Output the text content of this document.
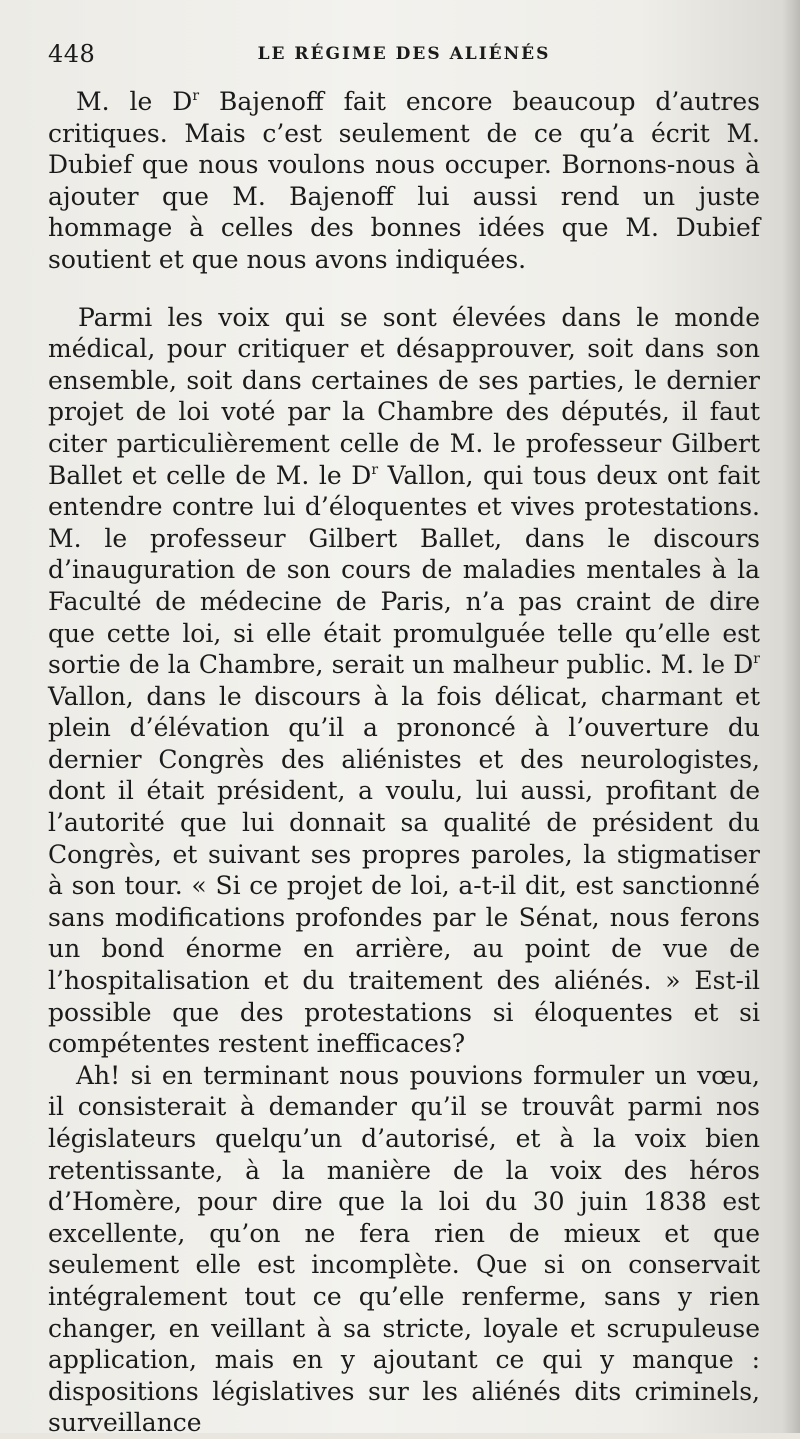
448	LE RÉGIME DES ALIÉNÉS

M. le $D^r$ Bajenoff fait encore beaucoup d’autres critiques. Mais c’est seulement de ce qu’a écrit M. Dubief que nous voulons nous occuper. Bornons-nous à ajouter que M. Bajenoff lui aussi rend un juste hommage à celles des bonnes idées que M. Dubief soutient et que nous avons indiquées.

Parmi les voix qui se sont élevées dans le monde médical, pour critiquer et désapprouver, soit dans son ensemble, soit dans certaines de ses parties, le dernier projet de loi voté par la Chambre des députés, il faut citer particulièrement celle de M. le professeur Gilbert Ballet et celle de M. le $D^r$ Vallon, qui tous deux ont fait entendre contre lui d’éloquentes et vives protestations. M. le professeur Gilbert Ballet, dans le discours d’inauguration de son cours de maladies mentales à la Faculté de médecine de Paris, n’a pas craint de dire que cette loi, si elle était promulguée telle qu’elle est sortie de la Chambre, serait un malheur public. M. le $D^r$ Vallon, dans le discours à la fois délicat, charmant et plein d’élévation qu’il a prononcé à l’ouverture du dernier Congrès des aliénistes et des neurologistes, dont il était président, a voulu, lui aussi, profitant de l’autorité que lui donnait sa qualité de président du Congrès, et suivant ses propres paroles, la stigmatiser à son tour. « Si ce projet de loi, a-t-il dit, est sanctionné sans modifications profondes par le Sénat, nous ferons un bond énorme en arrière, au point de vue de l’hospitalisation et du traitement des aliénés. » Est-il possible que des protestations si éloquentes et si compétentes restent inefficaces?

Ah! si en terminant nous pouvions formuler un vœu, il consisterait à demander qu’il se trouvât parmi nos législateurs quelqu’un d’autorisé, et à la voix bien retentissante, à la manière de la voix des héros d’Homère, pour dire que la loi du 30 juin 1838 est excellente, qu’on ne fera rien de mieux et que seulement elle est incomplète. Que si on conservait intégralement tout ce qu’elle renferme, sans y rien changer, en veillant à sa stricte, loyale et scrupuleuse application, mais en y ajoutant ce qui y manque : dispositions législatives sur les aliénés dits criminels, surveillance
